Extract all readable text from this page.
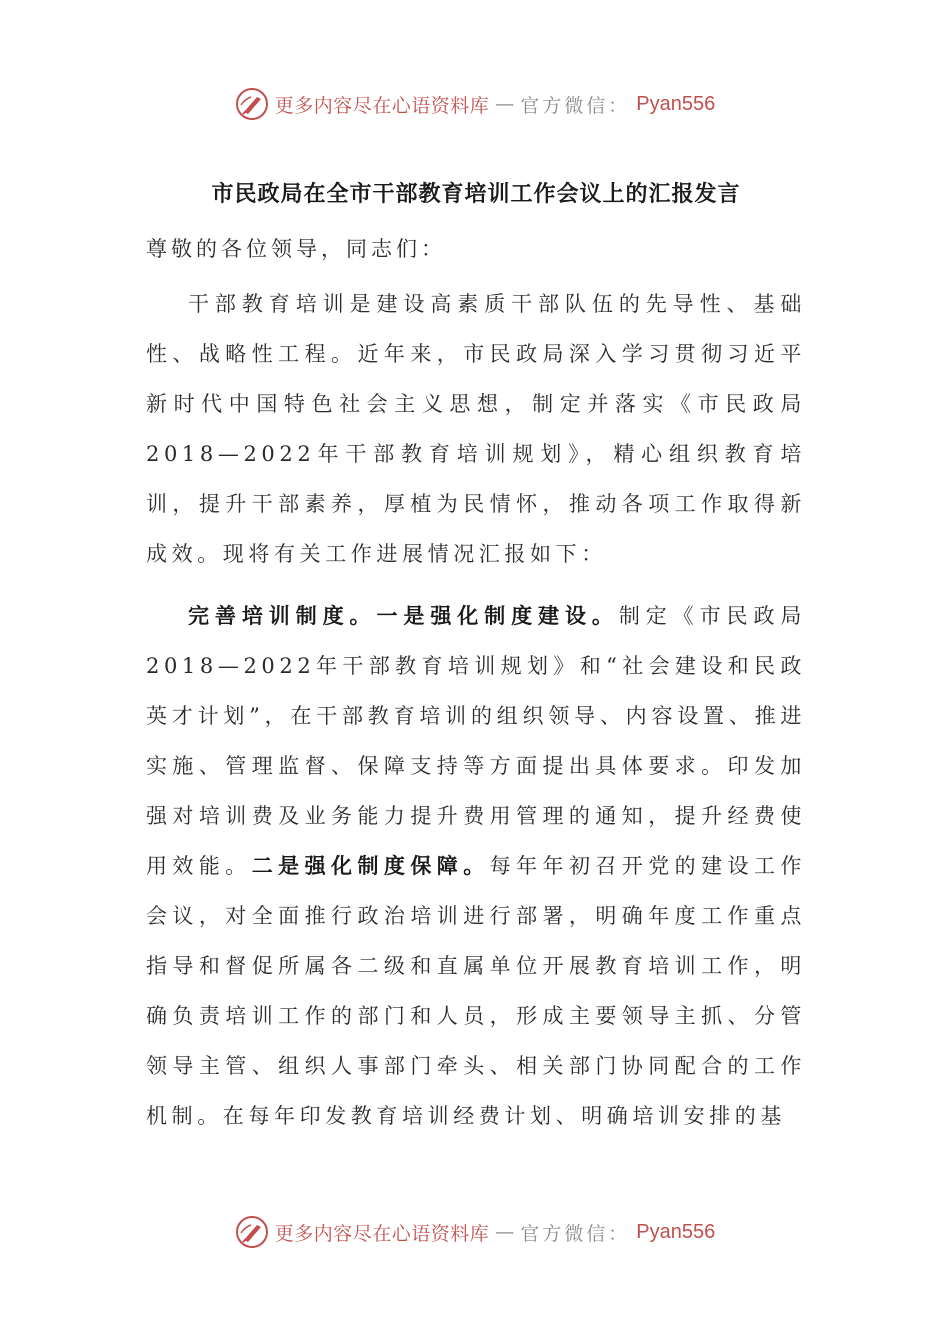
更多内容尽在心语资料库 — 官方微信： Pyan556
市民政局在全市干部教育培训工作会议上的汇报发言

尊敬的各位领导，同志们：

干部教育培训是建设高素质干部队伍的先导性、基础性、战略性工程。近年来，市民政局深入学习贯彻习近平新时代中国特色社会主义思想，制定并落实《市民政局2018—2022年干部教育培训规划》，精心组织教育培训，提升干部素养，厚植为民情怀，推动各项工作取得新成效。现将有关工作进展情况汇报如下：

完善培训制度。一是强化制度建设。制定《市民政局2018—2022年干部教育培训规划》和“社会建设和民政英才计划”，在干部教育培训的组织领导、内容设置、推进实施、管理监督、保障支持等方面提出具体要求。印发加强对培训费及业务能力提升费用管理的通知，提升经费使用效能。二是强化制度保障。每年年初召开党的建设工作会议，对全面推行政治培训进行部署，明确年度工作重点指导和督促所属各二级和直属单位开展教育培训工作，明确负责培训工作的部门和人员，形成主要领导主抓、分管领导主管、组织人事部门牵头、相关部门协同配合的工作机制。在每年印发教育培训经费计划、明确培训安排的基

更多内容尽在心语资料库 — 官方微信： Pyan556
